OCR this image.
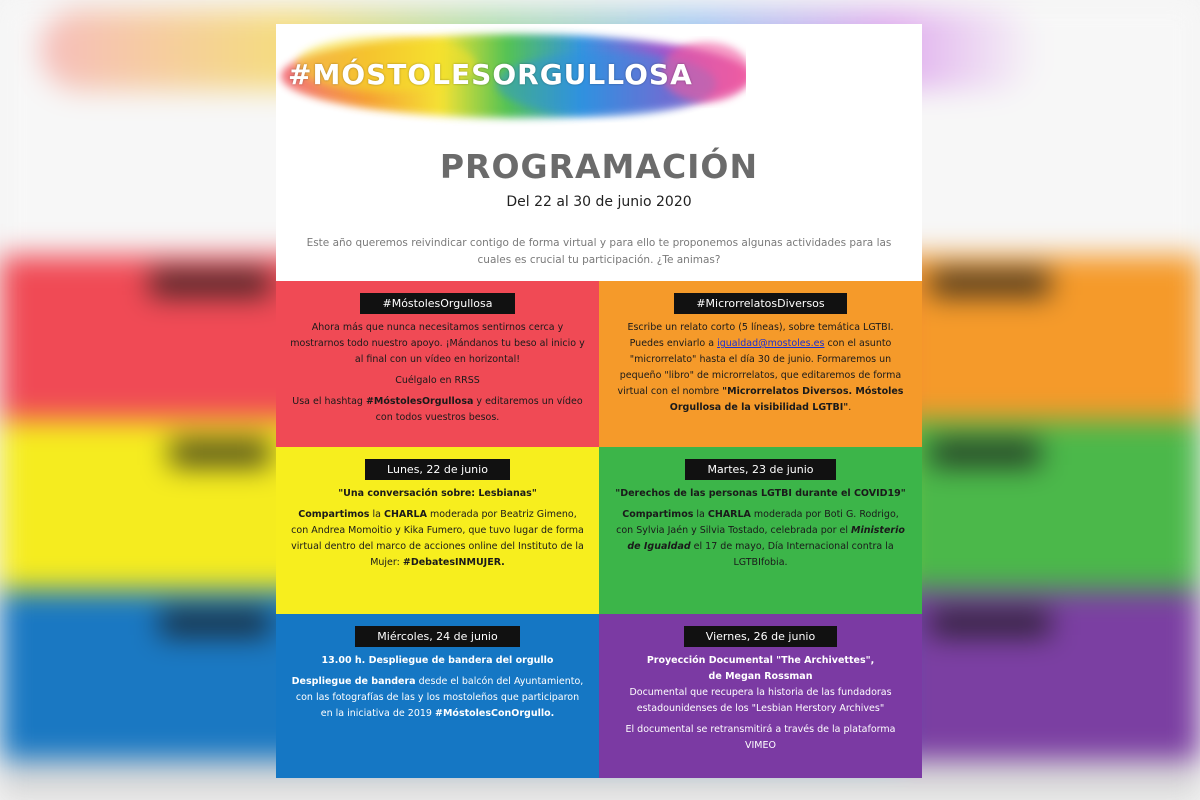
#MÓSTOLESORGULLOSA
PROGRAMACIÓN
Del 22 al 30 de junio 2020
Este año queremos reivindicar contigo de forma virtual y para ello te proponemos algunas actividades para las cuales es crucial tu participación. ¿Te animas?
#MóstolesOrgullosa

Ahora más que nunca necesitamos sentirnos cerca y mostrarnos todo nuestro apoyo. ¡Mándanos tu beso al inicio y al final con un vídeo en horizontal!

Cuélgalo en RRSS

Usa el hashtag #MóstolesOrgullosa y editaremos un vídeo con todos vuestros besos.

#MicrorrelatosDiversos

Escribe un relato corto (5 líneas), sobre temática LGTBI. Puedes enviarlo a igualdad@mostoles.es con el asunto "microrrelato" hasta el día 30 de junio. Formaremos un pequeño "libro" de microrrelatos, que editaremos de forma virtual con el nombre "Microrrelatos Diversos. Móstoles Orgullosa de la visibilidad LGTBI".

Lunes, 22 de junio

"Una conversación sobre: Lesbianas"

Compartimos la CHARLA moderada por Beatriz Gimeno, con Andrea Momoitio y Kika Fumero, que tuvo lugar de forma virtual dentro del marco de acciones online del Instituto de la Mujer: #DebatesINMUJER.

Martes, 23 de junio

"Derechos de las personas LGTBI durante el COVID19"

Compartimos la CHARLA moderada por Boti G. Rodrigo, con Sylvia Jaén y Silvia Tostado, celebrada por el Ministerio de Igualdad el 17 de mayo, Día Internacional contra la LGTBIfobia.

Miércoles, 24 de junio

13.00 h. Despliegue de bandera del orgullo

Despliegue de bandera desde el balcón del Ayuntamiento, con las fotografías de las y los mostoleños que participaron en la iniciativa de 2019 #MóstolesConOrgullo.

Viernes, 26 de junio

Proyección Documental "The Archivettes",

de Megan Rossman

Documental que recupera la historia de las fundadoras estadounidenses de los "Lesbian Herstory Archives"

El documental se retransmitirá a través de la plataforma VIMEO
